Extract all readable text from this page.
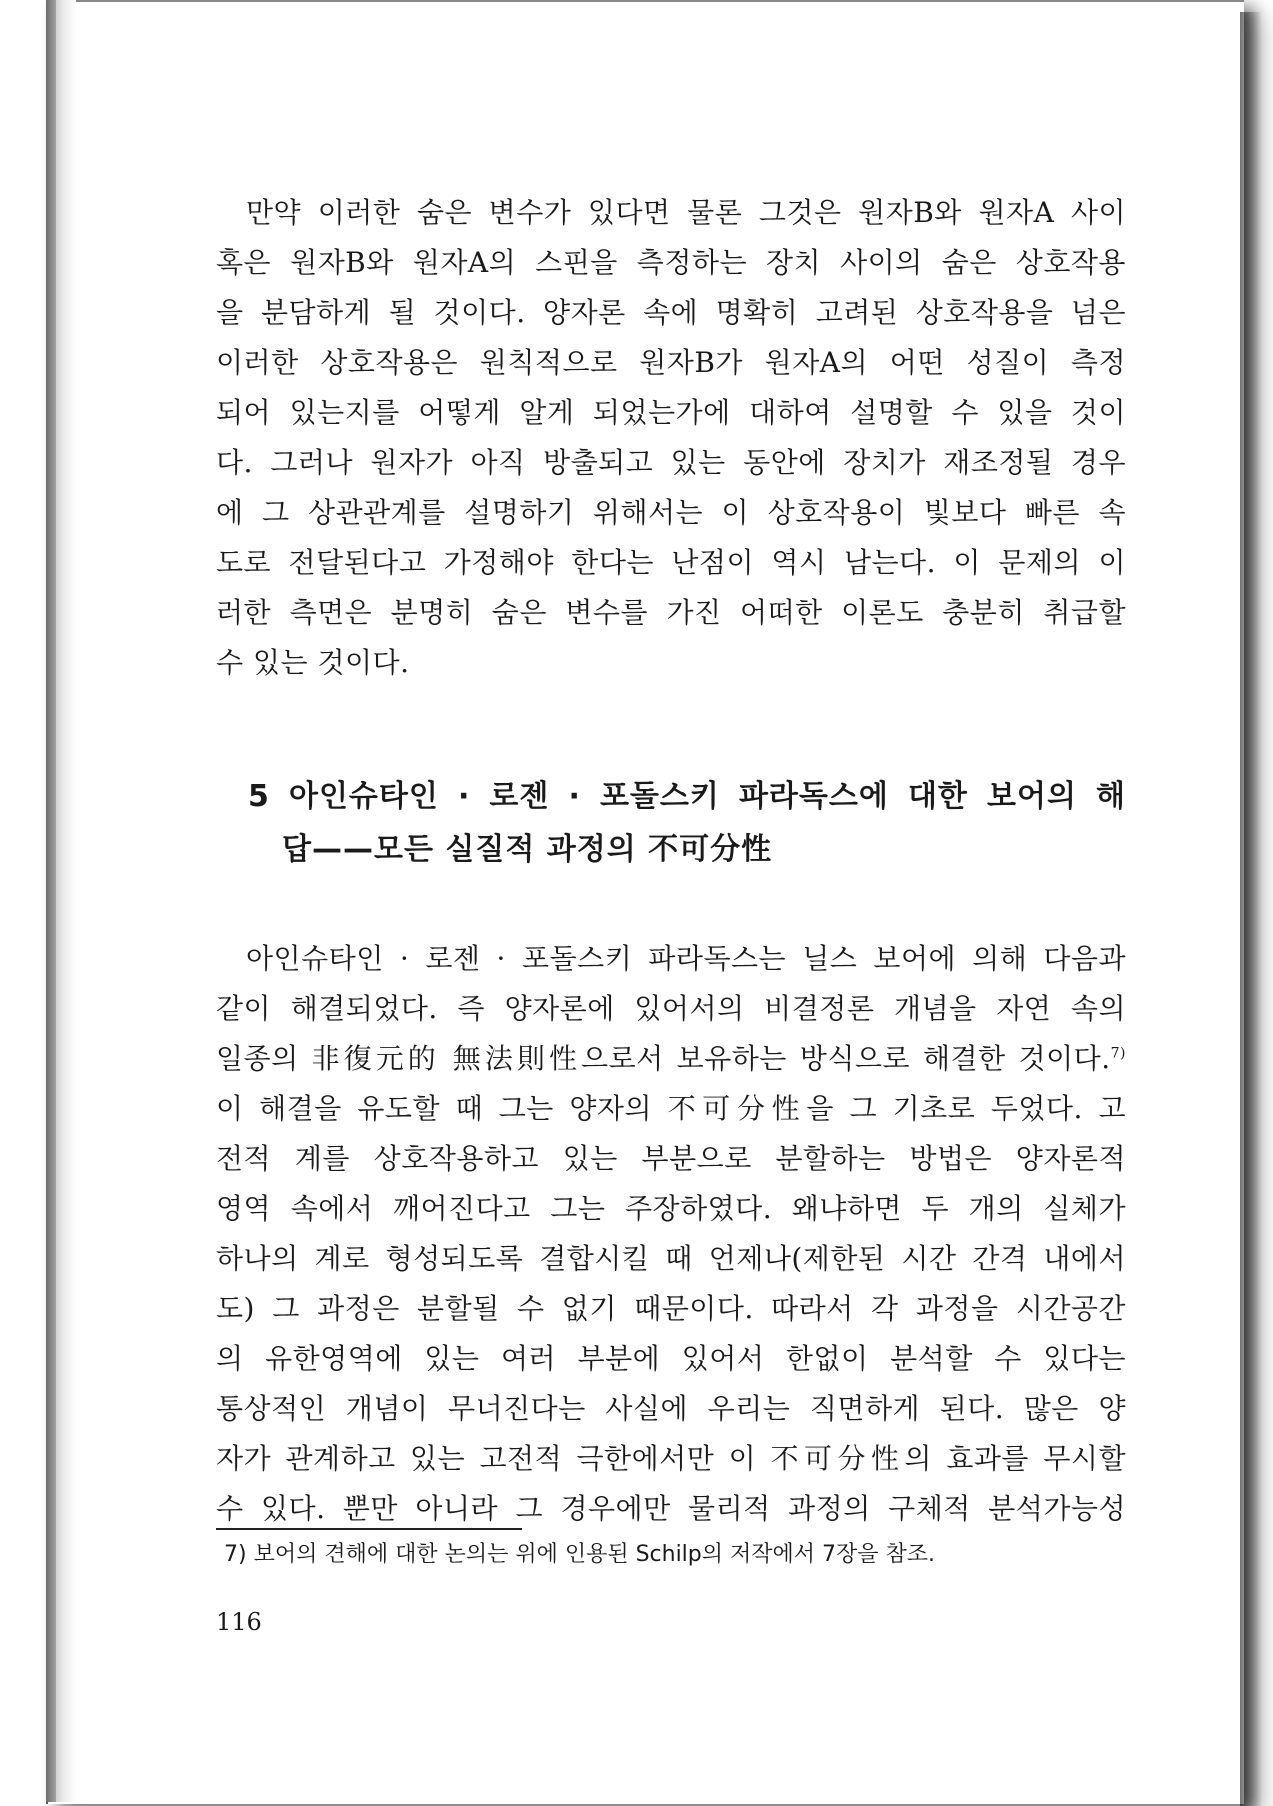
만약 이러한 숨은 변수가 있다면 물론 그것은 원자B와 원자A 사이
혹은 원자B와 원자A의 스핀을 측정하는 장치 사이의 숨은 상호작용
을 분담하게 될 것이다. 양자론 속에 명확히 고려된 상호작용을 넘은
이러한 상호작용은 원칙적으로 원자B가 원자A의 어떤 성질이 측정
되어 있는지를 어떻게 알게 되었는가에 대하여 설명할 수 있을 것이
다. 그러나 원자가 아직 방출되고 있는 동안에 장치가 재조정될 경우
에 그 상관관계를 설명하기 위해서는 이 상호작용이 빛보다 빠른 속
도로 전달된다고 가정해야 한다는 난점이 역시 남는다. 이 문제의 이
러한 측면은 분명히 숨은 변수를 가진 어떠한 이론도 충분히 취급할
수 있는 것이다.
5 아인슈타인 · 로젠 · 포돌스키 파라독스에 대한 보어의 해
답——모든 실질적 과정의 不可分性
아인슈타인 · 로젠 · 포돌스키 파라독스는 닐스 보어에 의해 다음과
같이 해결되었다. 즉 양자론에 있어서의 비결정론 개념을 자연 속의
일종의 非復元的 無法則性으로서 보유하는 방식으로 해결한 것이다.$^{7)}$
이 해결을 유도할 때 그는 양자의 不可分性을 그 기초로 두었다. 고
전적 계를 상호작용하고 있는 부분으로 분할하는 방법은 양자론적
영역 속에서 깨어진다고 그는 주장하였다. 왜냐하면 두 개의 실체가
하나의 계로 형성되도록 결합시킬 때 언제나(제한된 시간 간격 내에서
도) 그 과정은 분할될 수 없기 때문이다. 따라서 각 과정을 시간공간
의 유한영역에 있는 여러 부분에 있어서 한없이 분석할 수 있다는
통상적인 개념이 무너진다는 사실에 우리는 직면하게 된다. 많은 양
자가 관계하고 있는 고전적 극한에서만 이 不可分性의 효과를 무시할
수 있다. 뿐만 아니라 그 경우에만 물리적 과정의 구체적 분석가능성
7) 보어의 견해에 대한 논의는 위에 인용된 Schilp의 저작에서 7장을 참조.
116
